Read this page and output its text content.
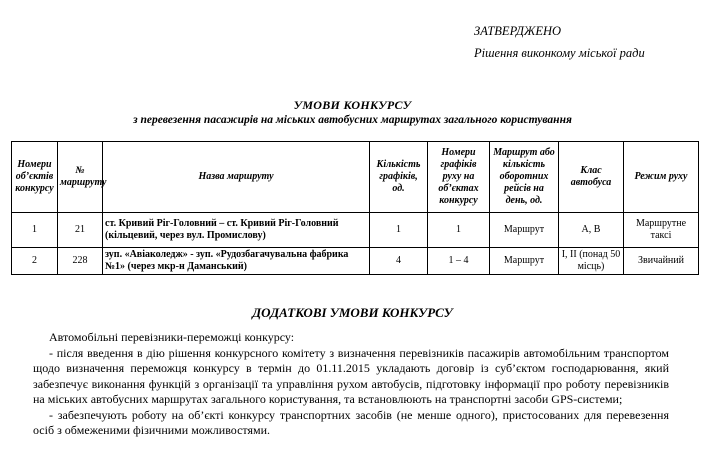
ЗАТВЕРДЖЕНО
Рішення виконкому міської ради
УМОВИ КОНКУРСУ
з перевезення пасажирів на міських автобусних маршрутах загального користування
Номери об’єктів конкурсу	№ маршруту	Назва маршруту	Кількість графіків, од.	Номери графіків руху на об’єктах конкурсу	Маршрут або кількість оборотних рейсів на день, од.	Клас автобуса	Режим руху
1	21	ст. Кривий Ріг-Головний – ст. Кривий Ріг-Головний (кільцевий, через вул. Промислову)	1	1	Маршрут	А, В	Маршрутне таксі
2	228	зуп. «Авіаколедж» - зуп. «Рудозбагачувальна фабрика №1» (через мкр-н Даманський)	4	1 – 4	Маршрут	І, ІІ (понад 50 місць)	Звичайний
ДОДАТКОВІ УМОВИ КОНКУРСУ

Автомобільні перевізники-переможці конкурсу:

- після введення в дію рішення конкурсного комітету з визначення перевізників пасажирів автомобільним транспортом щодо визначення переможця конкурсу в термін до 01.11.2015 укладають договір із суб’єктом господарювання, який забезпечує виконання функцій з організації та управління рухом автобусів, підготовку інформації про роботу перевізників на міських автобусних маршрутах загального користування, та встановлюють на транспортні засоби GPS-системи;

- забезпечують роботу на об’єкті конкурсу транспортних засобів (не менше одного), пристосованих для перевезення осіб з обмеженими фізичними можливостями.
